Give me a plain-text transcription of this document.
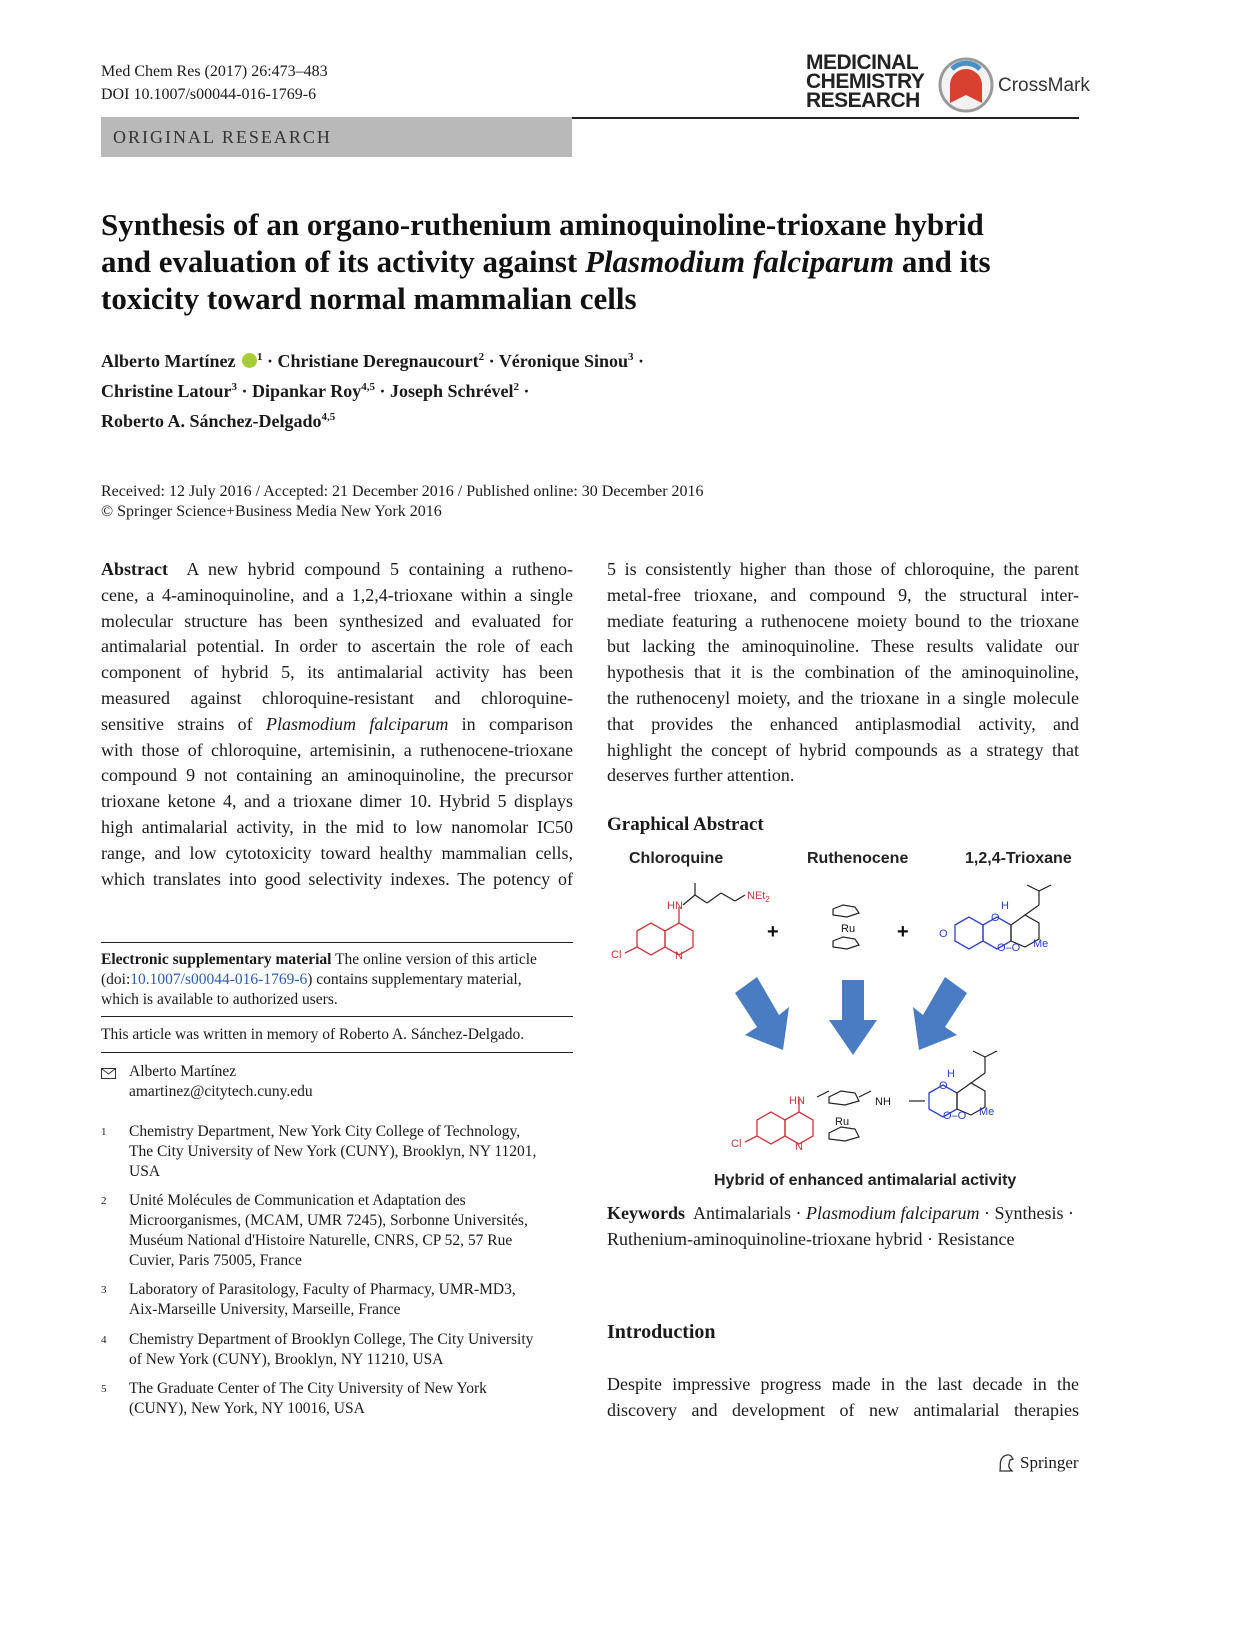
Med Chem Res (2017) 26:473–483
DOI 10.1007/s00044-016-1769-6
MEDICINAL
CHEMISTRY
RESEARCH
CrossMark
ORIGINAL RESEARCH
Synthesis of an organo-ruthenium aminoquinoline-trioxane hybrid
and evaluation of its activity against Plasmodium falciparum and its
toxicity toward normal mammalian cells
Alberto Martínez $^1$ · Christiane Deregnaucourt$^2$ · Véronique Sinou$^3$ ·
Christine Latour$^3$ · Dipankar Roy$^{4,5}$ · Joseph Schrével$^2$ ·
Roberto A. Sánchez-Delgado$^{4,5}$
Received: 12 July 2016 / Accepted: 21 December 2016 / Published online: 30 December 2016
© Springer Science+Business Media New York 2016
Abstract A new hybrid compound 5 containing a rutheno-
cene, a 4-aminoquinoline, and a 1,2,4-trioxane within a single
molecular structure has been synthesized and evaluated for
antimalarial potential. In order to ascertain the role of each
component of hybrid 5, its antimalarial activity has been
measured against chloroquine-resistant and chloroquine-
sensitive strains of Plasmodium falciparum in comparison
with those of chloroquine, artemisinin, a ruthenocene-trioxane
compound 9 not containing an aminoquinoline, the precursor
trioxane ketone 4, and a trioxane dimer 10. Hybrid 5 displays
high antimalarial activity, in the mid to low nanomolar IC50
range, and low cytotoxicity toward healthy mammalian cells,
which translates into good selectivity indexes. The potency of
5 is consistently higher than those of chloroquine, the parent
metal-free trioxane, and compound 9, the structural inter-
mediate featuring a ruthenocene moiety bound to the trioxane
but lacking the aminoquinoline. These results validate our
hypothesis that it is the combination of the aminoquinoline,
the ruthenocenyl moiety, and the trioxane in a single molecule
that provides the enhanced antiplasmodial activity, and
highlight the concept of hybrid compounds as a strategy that
deserves further attention.
Electronic supplementary material The online version of this article
(doi:10.1007/s00044-016-1769-6) contains supplementary material,
which is available to authorized users.
This article was written in memory of Roberto A. Sánchez-Delgado.
Alberto Martínez
amartinez@citytech.cuny.edu
1 Chemistry Department, New York City College of Technology,
The City University of New York (CUNY), Brooklyn, NY 11201,
USA
2 Unité Molécules de Communication et Adaptation des
Microorganismes, (MCAM, UMR 7245), Sorbonne Universités,
Muséum National d'Histoire Naturelle, CNRS, CP 52, 57 Rue
Cuvier, Paris 75005, France
3 Laboratory of Parasitology, Faculty of Pharmacy, UMR-MD3,
Aix-Marseille University, Marseille, France
4 Chemistry Department of Brooklyn College, The City University
of New York (CUNY), Brooklyn, NY 11210, USA
5 The Graduate Center of The City University of New York
(CUNY), New York, NY 10016, USA
Graphical Abstract
Chloroquine	Ruthenocene	1,2,4-Trioxane
HN
NEt$_2$
Cl	N
+	Ru +	O
H
O
O–O Me
HN
Cl	N
Ru
NH
H
O
O–O Me
Hybrid of enhanced antimalarial activity
Keywords Antimalarials · Plasmodium falciparum · Synthesis ·
Ruthenium-aminoquinoline-trioxane hybrid · Resistance
Introduction
Despite impressive progress made in the last decade in the
discovery and development of new antimalarial therapies
Springer
